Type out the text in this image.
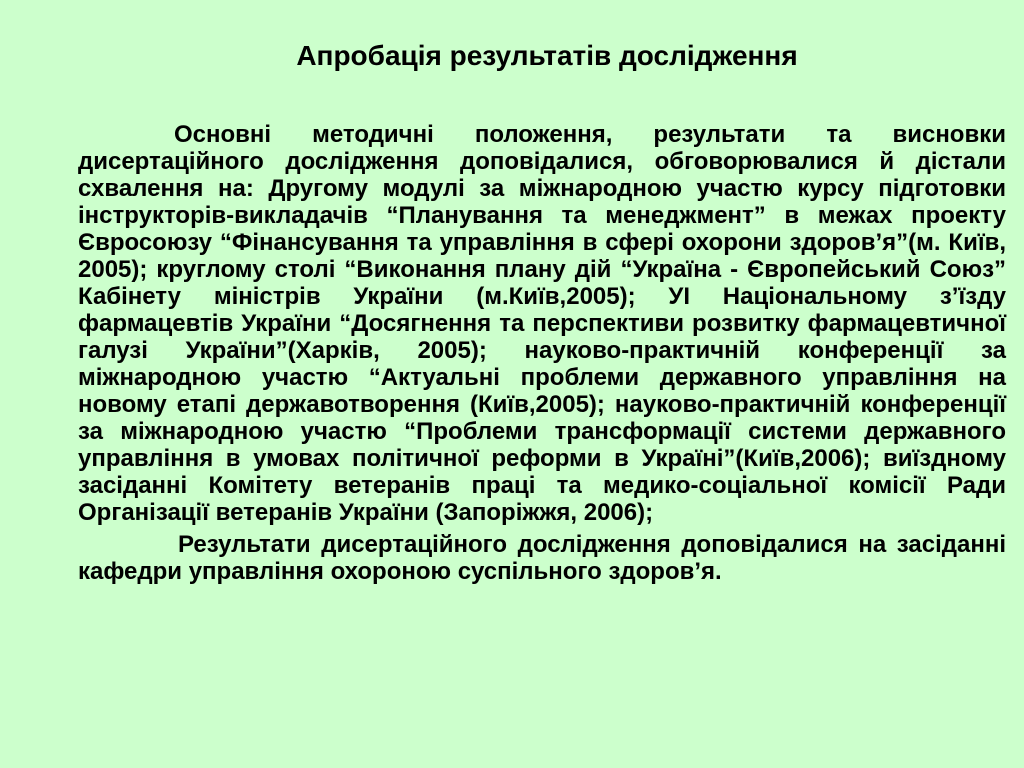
Апробація результатів дослідження

Основні методичні положення, результати та висновки дисертаційного дослідження доповідалися, обговорювалися й дістали схвалення на: Другому модулі за міжнародною участю курсу підготовки інструкторів-викладачів “Планування та менеджмент” в межах проекту Євросоюзу “Фінансування та управління в сфері охорони здоров’я”(м. Київ, 2005); круглому столі “Виконання плану дій “Україна - Європейський Союз” Кабінету міністрів України (м.Київ,2005); УІ Національному з’їзду фармацевтів України “Досягнення та перспективи розвитку фармацевтичної галузі України”(Харків, 2005); науково-практичній конференції за міжнародною участю “Актуальні проблеми державного управління на новому етапі державотворення (Київ,2005); науково-практичній конференції за міжнародною участю “Проблеми трансформації системи державного управління в умовах політичної реформи в Україні”(Київ,2006); виїздному засіданні Комітету ветеранів праці та медико-соціальної комісії Ради Організації ветеранів України (Запоріжжя, 2006);

Результати дисертаційного дослідження доповідалися на засіданні кафедри управління охороною суспільного здоров’я.
